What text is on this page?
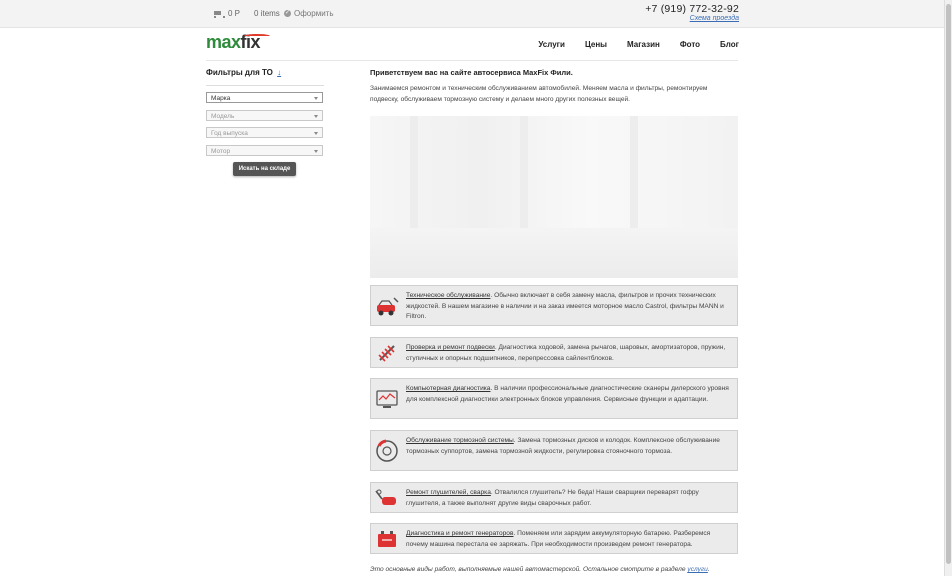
0 Р 0 items ✓ Оформить	+7 (919) 772-32-92
Схема проезда
maxfix	Услуги	Цены	Магазин	Фото	Блог
Фильтры для ТО ↓
Марка
Модель
Год выпуска
Мотор
Искать на складе
Приветствуем вас на сайте автосервиса MaxFix Фили.

Занимаемся ремонтом и техническим обслуживанием автомобилей. Меняем масла и фильтры, ремонтируем подвеску, обслуживаем тормозную систему и делаем много других полезных вещей.

Техническое обслуживание. Обычно включает в себя замену масла, фильтров и прочих технических жидкостей. В нашем магазине в наличии и на заказ имеется моторное масло Castrol, фильтры MANN и Filtron.
Проверка и ремонт подвески. Диагностика ходовой, замена рычагов, шаровых, амортизаторов, пружин, ступичных и опорных подшипников, перепрессовка сайлентблоков.
Компьютерная диагностика. В наличии профессиональные диагностические сканеры дилерского уровня для комплексной диагностики электронных блоков управления. Сервисные функции и адаптации.
Обслуживание тормозной системы. Замена тормозных дисков и колодок. Комплексное обслуживание тормозных суппортов, замена тормозной жидкости, регулировка стояночного тормоза.
Ремонт глушителей, сварка. Отвалился глушитель? Не беда! Наши сварщики переварят гофру глушителя, а также выполнят другие виды сварочных работ.
Диагностика и ремонт генераторов. Поменяем или зарядим аккумуляторную батарею. Разберемся почему машина перестала ее заряжать. При необходимости произведем ремонт генератора.
Это основные виды работ, выполняемые нашей автомастерской. Остальное смотрите в разделе услуги.
